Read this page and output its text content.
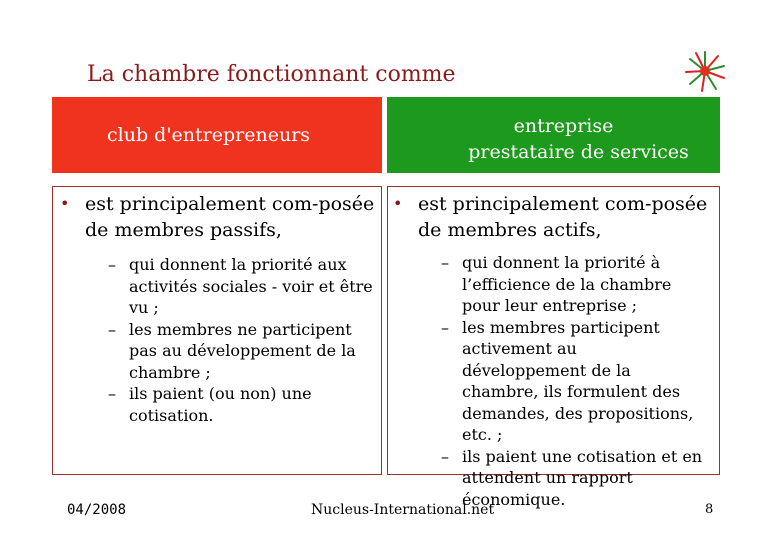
La chambre fonctionnant comme
club d'entrepreneurs	entreprise
prestataire de services
• est principalement com-posée de membres passifs,
• est principalement com-posée de membres actifs,
– qui donnent la priorité aux activités sociales - voir et être vu ;
– les membres ne participent pas au développement de la chambre ;
– ils paient (ou non) une cotisation.
– qui donnent la priorité à l’efficience de la chambre pour leur entreprise ;
– les membres participent activement au développement de la chambre, ils formulent des demandes, des propositions, etc. ;
– ils paient une cotisation et en attendent un rapport économique.
04/2008	Nucleus-International.net	8
